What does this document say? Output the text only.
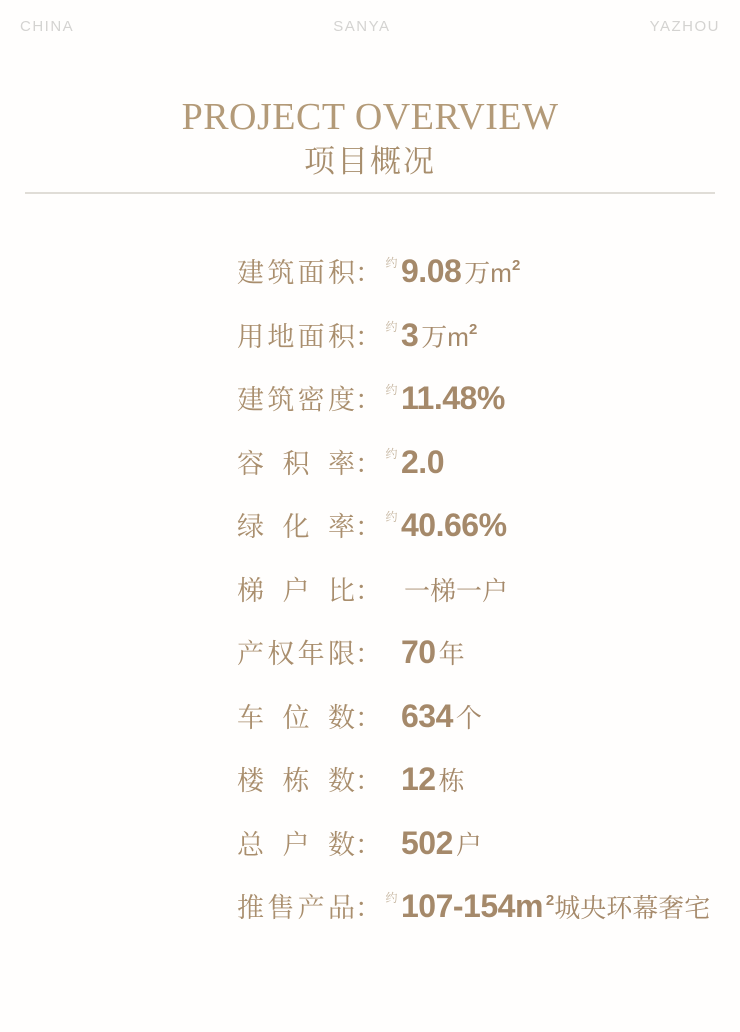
CHINA	SANYA	YAZHOU
PROJECT OVERVIEW
项目概况
建筑面积 ： 约 9.08 万m 2
用地面积 ： 约 3 万m 2
建筑密度 ： 约 11.48%
容积率 ： 约 2.0
绿化率 ： 约 40.66%
梯户比 ： 一梯一户
产权年限 ： 70 年
车位数 ： 634 个
楼栋数 ： 12 栋
总户数 ： 502 户
推售产品 ： 约 107-154m 2 城央环幕奢宅
